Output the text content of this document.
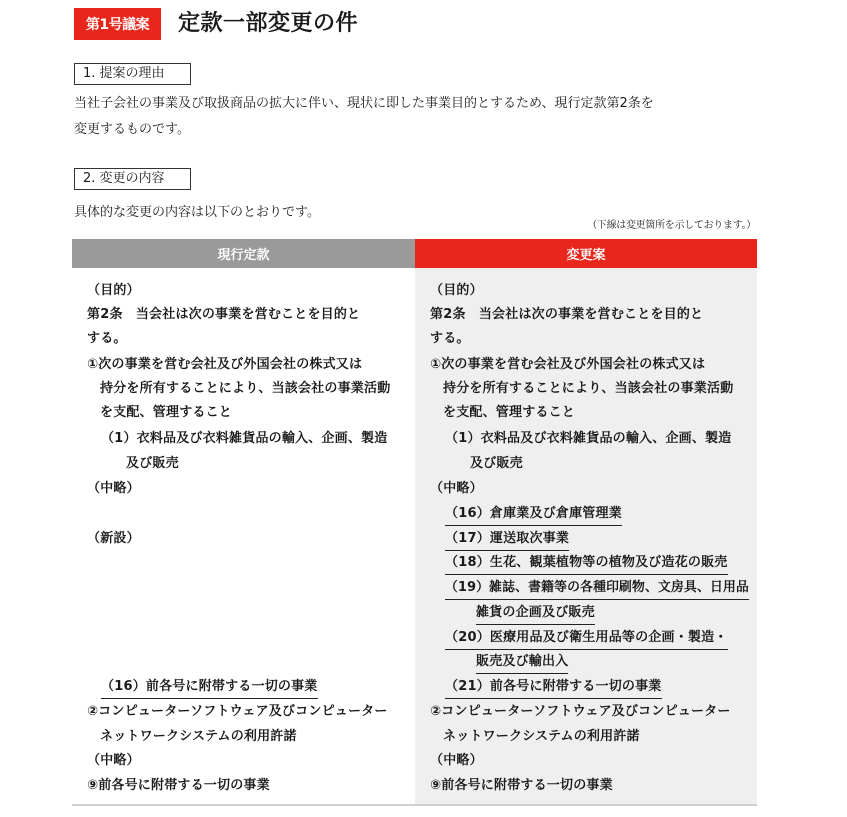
第1号議案	定款一部変更の件
1. 提案の理由
当社子会社の事業及び取扱商品の拡大に伴い、現状に即した事業目的とするため、現行定款第2条を
変更するものです。
2. 変更の内容
具体的な変更の内容は以下のとおりです。
（下線は変更箇所を示しております。）
現行定款	変更案
（目的）
第2条　当会社は次の事業を営むことを目的と
する。
①次の事業を営む会社及び外国会社の株式又は
持分を所有することにより、当該会社の事業活動
を支配、管理すること
（1）衣料品及び衣料雑貨品の輸入、企画、製造
及び販売
（中略）
（新設）
（16）前各号に附帯する一切の事業
②コンピューターソフトウェア及びコンピューター
ネットワークシステムの利用許諾
（中略）
⑨前各号に附帯する一切の事業
（目的）
第2条　当会社は次の事業を営むことを目的と
する。
①次の事業を営む会社及び外国会社の株式又は
持分を所有することにより、当該会社の事業活動
を支配、管理すること
（1）衣料品及び衣料雑貨品の輸入、企画、製造
及び販売
（中略）
（16）倉庫業及び倉庫管理業
（17）運送取次事業
（18）生花、観葉植物等の植物及び造花の販売
（19）雑誌、書籍等の各種印刷物、文房具、日用品
雑貨の企画及び販売
（20）医療用品及び衛生用品等の企画・製造・
販売及び輸出入
（21）前各号に附帯する一切の事業
②コンピューターソフトウェア及びコンピューター
ネットワークシステムの利用許諾
（中略）
⑨前各号に附帯する一切の事業
